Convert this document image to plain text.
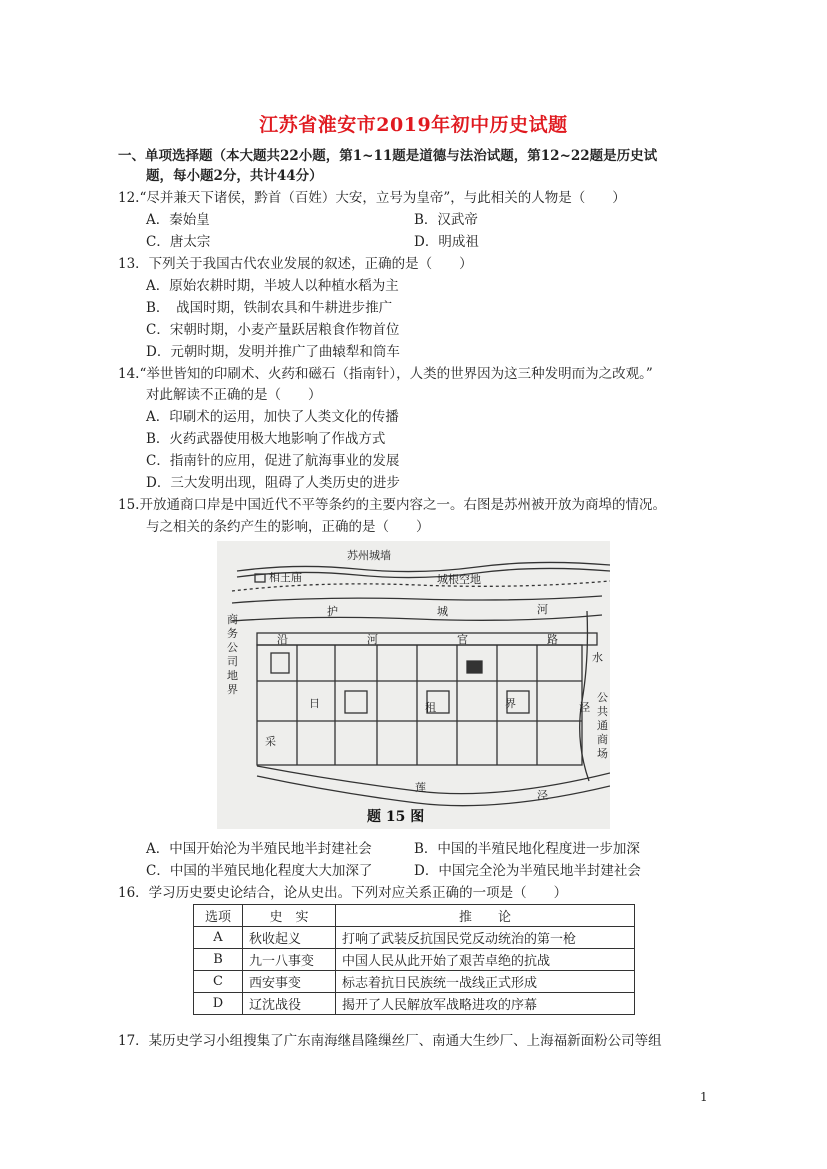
江苏省淮安市2019年初中历史试题
一、单项选择题（本大题共22小题，第1~11题是道德与法治试题，第12~22题是历史试
题，每小题2分，共计44分）
12.“尽并兼天下诸侯，黔首（百姓）大安，立号为皇帝”，与此相关的人物是（　　）
A．秦始皇	B．汉武帝
C．唐太宗	D．明成祖
13．下列关于我国古代农业发展的叙述，正确的是（　　）
A．原始农耕时期，半坡人以种植水稻为主
B．　战国时期，铁制农具和牛耕进步推广
C．宋朝时期，小麦产量跃居粮食作物首位
D．元朝时期，发明并推广了曲辕犁和筒车
14.“举世皆知的印刷术、火药和磁石（指南针），人类的世界因为这三种发明而为之改观。”
对此解读不正确的是（　　）
A．印刷术的运用，加快了人类文化的传播
B．火药武器使用极大地影响了作战方式
C．指南针的应用，促进了航海事业的发展
D．三大发明出现，阻碍了人类历史的进步
15.开放通商口岸是中国近代不平等条约的主要内容之一。右图是苏州被开放为商埠的情况。
与之相关的条约产生的影响，正确的是（　　）
苏州城墙
相王庙	城根空地
护	城	河
沿	河	官	路
商
务
公
司
地
界
水
泾
公
共
通
商
场
日	租	界
采
莲
泾
题 15 图
A．中国开始沦为半殖民地半封建社会	B．中国的半殖民地化程度进一步加深
C．中国的半殖民地化程度大大加深了	D．中国完全沦为半殖民地半封建社会
16．学习历史要史论结合，论从史出。下列对应关系正确的一项是（　　）
选项	史　实	推　　论
A	秋收起义	打响了武装反抗国民党反动统治的第一枪
B	九一八事变	中国人民从此开始了艰苦卓绝的抗战
C	西安事变	标志着抗日民族统一战线正式形成
D	辽沈战役	揭开了人民解放军战略进攻的序幕
17．某历史学习小组搜集了广东南海继昌隆缫丝厂、南通大生纱厂、上海福新面粉公司等组
1
